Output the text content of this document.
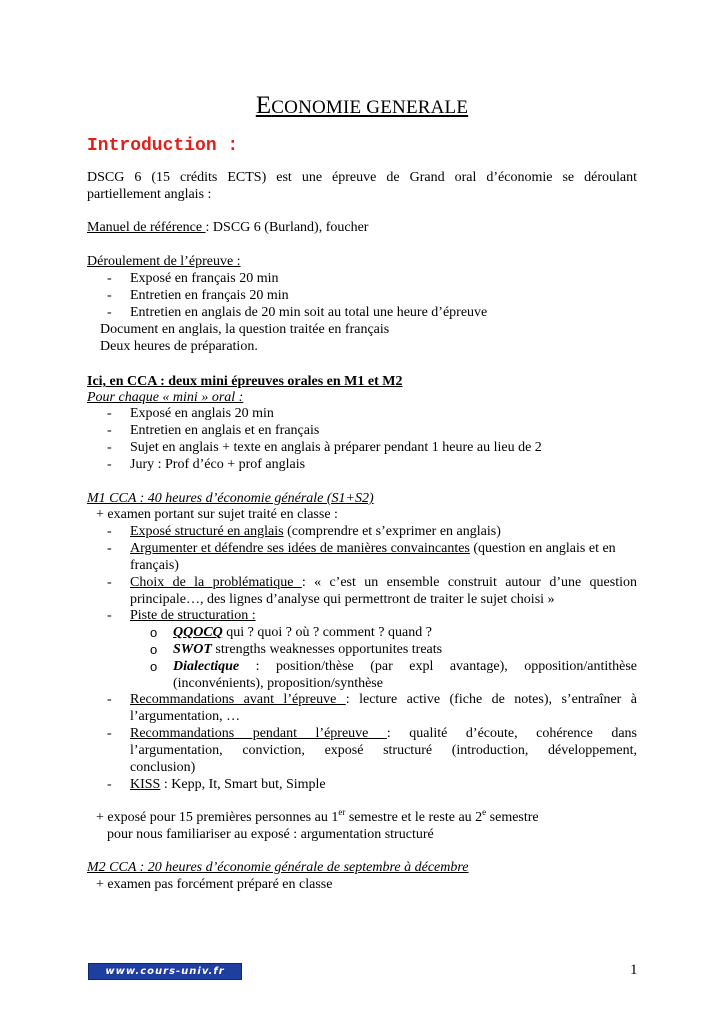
ECONOMIE GENERALE
Introduction :
DSCG 6 (15 crédits ECTS) est une épreuve de Grand oral d’économie se déroulant
partiellement anglais :
Manuel de référence : DSCG 6 (Burland), foucher
Déroulement de l’épreuve :
- Exposé en français 20 min
- Entretien en français 20 min
- Entretien en anglais de 20 min soit au total une heure d’épreuve
Document en anglais, la question traitée en français
Deux heures de préparation.
Ici, en CCA : deux mini épreuves orales en M1 et M2
Pour chaque « mini » oral :
- Exposé en anglais 20 min
- Entretien en anglais et en français
- Sujet en anglais + texte en anglais à préparer pendant 1 heure au lieu de 2
- Jury : Prof d’éco + prof anglais
M1 CCA : 40 heures d’économie générale (S1+S2)
+ examen portant sur sujet traité en classe :
- Exposé structuré en anglais (comprendre et s’exprimer en anglais)
- Argumenter et défendre ses idées de manières convaincantes (question en anglais et en
français)
- Choix de la problématique : « c’est un ensemble construit autour d’une question
principale…, des lignes d’analyse qui permettront de traiter le sujet choisi »
- Piste de structuration :
o QQOCQ qui ? quoi ? où ? comment ? quand ?
o SWOT strengths weaknesses opportunites treats
o Dialectique : position/thèse (par expl avantage), opposition/antithèse
(inconvénients), proposition/synthèse
- Recommandations avant l’épreuve : lecture active (fiche de notes), s’entraîner à
l’argumentation, …
- Recommandations pendant l’épreuve : qualité d’écoute, cohérence dans
l’argumentation, conviction, exposé structuré (introduction, développement,
conclusion)
- KISS : Kepp, It, Smart but, Simple
+ exposé pour 15 premières personnes au 1er semestre et le reste au 2e semestre
pour nous familiariser au exposé : argumentation structuré
M2 CCA : 20 heures d’économie générale de septembre à décembre
+ examen pas forcément préparé en classe
www.cours-univ.fr	1
